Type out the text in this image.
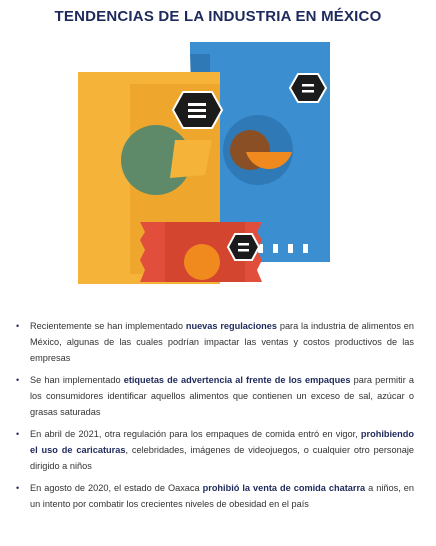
TENDENCIAS DE LA INDUSTRIA EN MÉXICO
• Recientemente se han implementado nuevas regulaciones para la industria de alimentos en México, algunas de las cuales podrían impactar las ventas y costos productivos de las empresas
• Se han implementado etiquetas de advertencia al frente de los empaques para permitir a los consumidores identificar aquellos alimentos que contienen un exceso de sal, azúcar o grasas saturadas
• En abril de 2021, otra regulación para los empaques de comida entró en vigor, prohibiendo el uso de caricaturas, celebridades, imágenes de videojuegos, o cualquier otro personaje dirigido a niños
• En agosto de 2020, el estado de Oaxaca prohibió la venta de comida chatarra a niños, en un intento por combatir los crecientes niveles de obesidad en el país
